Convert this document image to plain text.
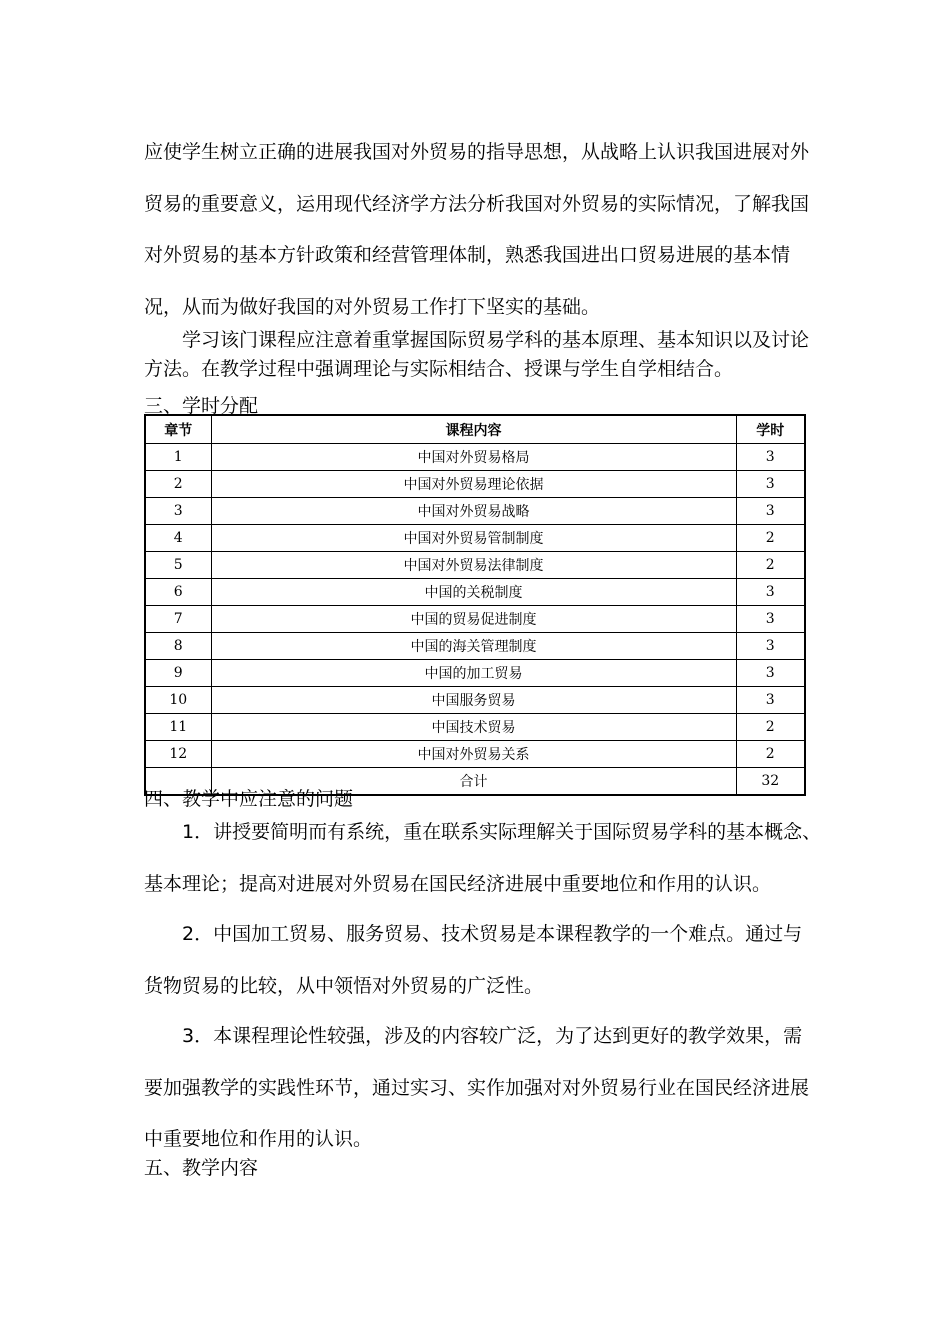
应使学生树立正确的进展我国对外贸易的指导思想，从战略上认识我国进展对外贸易的重要意义，运用现代经济学方法分析我国对外贸易的实际情况，了解我国对外贸易的基本方针政策和经营管理体制，熟悉我国进出口贸易进展的基本情况，从而为做好我国的对外贸易工作打下坚实的基础。

学习该门课程应注意着重掌握国际贸易学科的基本原理、基本知识以及讨论方法。在教学过程中强调理论与实际相结合、授课与学生自学相结合。

三、学时分配

章节	课程内容	学时
1	中国对外贸易格局	3
2	中国对外贸易理论依据	3
3	中国对外贸易战略	3
4	中国对外贸易管制制度	2
5	中国对外贸易法律制度	2
6	中国的关税制度	3
7	中国的贸易促进制度	3
8	中国的海关管理制度	3
9	中国的加工贸易	3
10	中国服务贸易	3
11	中国技术贸易	2
12	中国对外贸易关系	2
	合计	32

四、教学中应注意的问题

1．讲授要简明而有系统，重在联系实际理解关于国际贸易学科的基本概念、基本理论；提高对进展对外贸易在国民经济进展中重要地位和作用的认识。

2．中国加工贸易、服务贸易、技术贸易是本课程教学的一个难点。通过与货物贸易的比较，从中领悟对外贸易的广泛性。

3．本课程理论性较强，涉及的内容较广泛，为了达到更好的教学效果，需要加强教学的实践性环节，通过实习、实作加强对对外贸易行业在国民经济进展中重要地位和作用的认识。

五、教学内容
